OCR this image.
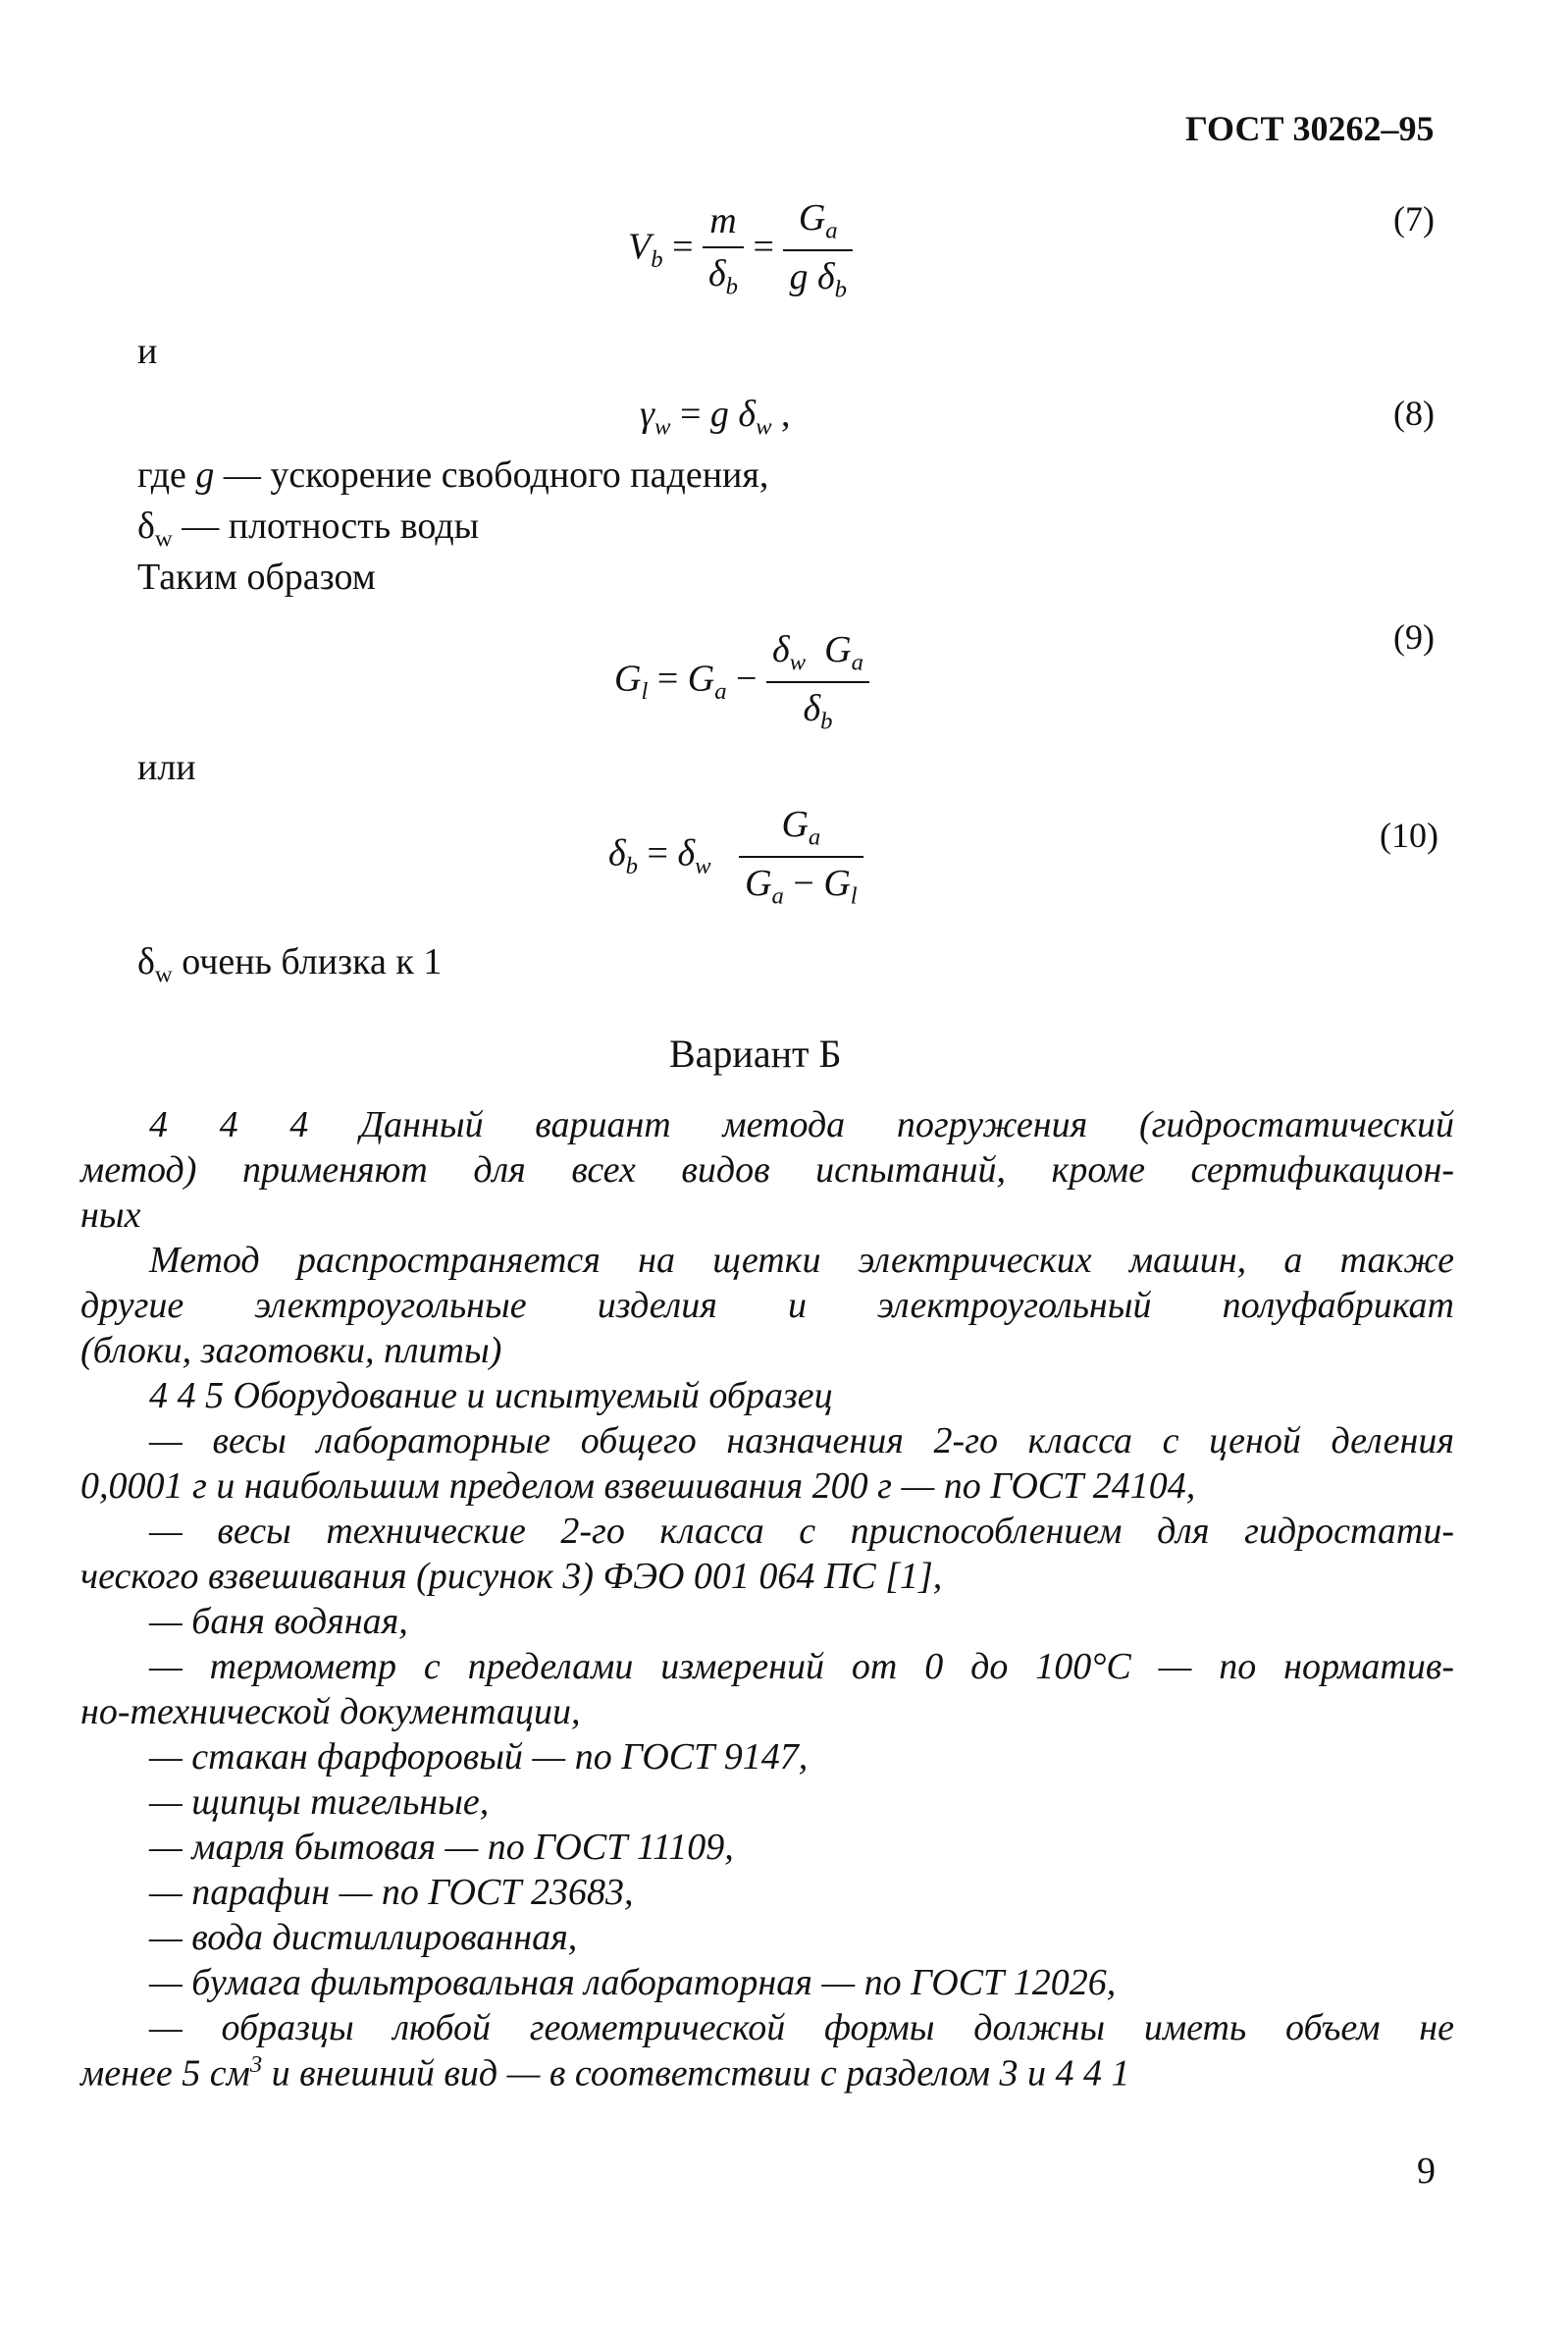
ГОСТ 30262–95
$V_b = \frac{m}{\delta_b} = \frac{G_a}{g \delta_b}$	(7)
и
$\gamma_w = g$ $\delta_w$ ,	(8)
где g — ускорение свободного падения,
$\delta_w$ — плотность воды
Таким образом
$G_l = G_a - \frac{\delta_w G_a}{\delta_b}$	(9)
или
$\delta_b = \delta_w \frac{G_a}{G_a - G_l}$	(10)
$\delta_w$ очень близка к 1
Вариант Б
4 4 4 Данный вариант метода погружения (гидростатический
метод) применяют для всех видов испытаний, кроме сертификацион-
ных
Метод распространяется на щетки электрических машин, а также
другие электроугольные изделия и электроугольный полуфабрикат
(блоки, заготовки, плиты)
4 4 5 Оборудование и испытуемый образец
— весы лабораторные общего назначения 2-го класса с ценой деления
0,0001 г и наибольшим пределом взвешивания 200 г — по ГОСТ 24104,
— весы технические 2-го класса с приспособлением для гидростати-
ческого взвешивания (рисунок 3) ФЭО 001 064 ПС [1],
— баня водяная,
— термометр с пределами измерений от 0 до 100°С — по норматив-
но-технической документации,
— стакан фарфоровый — по ГОСТ 9147,
— щипцы тигельные,
— марля бытовая — по ГОСТ 11109,
— парафин — по ГОСТ 23683,
— вода дистиллированная,
— бумага фильтровальная лабораторная — по ГОСТ 12026,
— образцы любой геометрической формы должны иметь объем не
менее 5 $см^3$ и внешний вид — в соответствии с разделом 3 и 4 4 1
9
